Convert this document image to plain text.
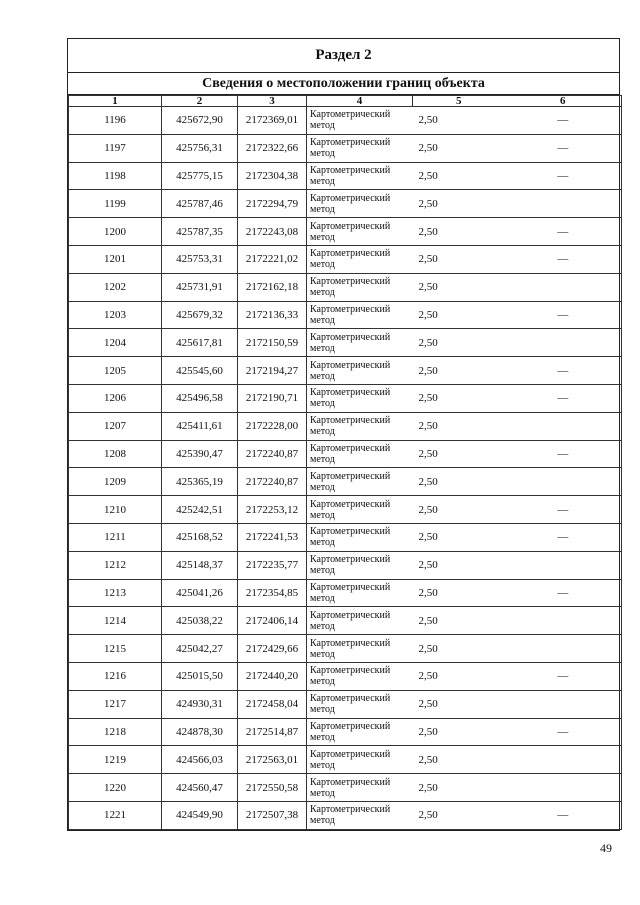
Раздел 2
Сведения о местоположении границ объекта
1	2	3	4	5	6
1196	425672,90	2172369,01	Картометрический метод	2,50	—
1197	425756,31	2172322,66	Картометрический метод	2,50	—
1198	425775,15	2172304,38	Картометрический метод	2,50	—
1199	425787,46	2172294,79	Картометрический метод	2,50	
1200	425787,35	2172243,08	Картометрический метод	2,50	—
1201	425753,31	2172221,02	Картометрический метод	2,50	—
1202	425731,91	2172162,18	Картометрический метод	2,50	
1203	425679,32	2172136,33	Картометрический метод	2,50	—
1204	425617,81	2172150,59	Картометрический метод	2,50	
1205	425545,60	2172194,27	Картометрический метод	2,50	—
1206	425496,58	2172190,71	Картометрический метод	2,50	—
1207	425411,61	2172228,00	Картометрический метод	2,50	
1208	425390,47	2172240,87	Картометрический метод	2,50	—
1209	425365,19	2172240,87	Картометрический метод	2,50	
1210	425242,51	2172253,12	Картометрический метод	2,50	—
1211	425168,52	2172241,53	Картометрический метод	2,50	—
1212	425148,37	2172235,77	Картометрический метод	2,50	
1213	425041,26	2172354,85	Картометрический метод	2,50	—
1214	425038,22	2172406,14	Картометрический метод	2,50	
1215	425042,27	2172429,66	Картометрический метод	2,50	
1216	425015,50	2172440,20	Картометрический метод	2,50	—
1217	424930,31	2172458,04	Картометрический метод	2,50	
1218	424878,30	2172514,87	Картометрический метод	2,50	—
1219	424566,03	2172563,01	Картометрический метод	2,50	
1220	424560,47	2172550,58	Картометрический метод	2,50	
1221	424549,90	2172507,38	Картометрический метод	2,50	—
49
